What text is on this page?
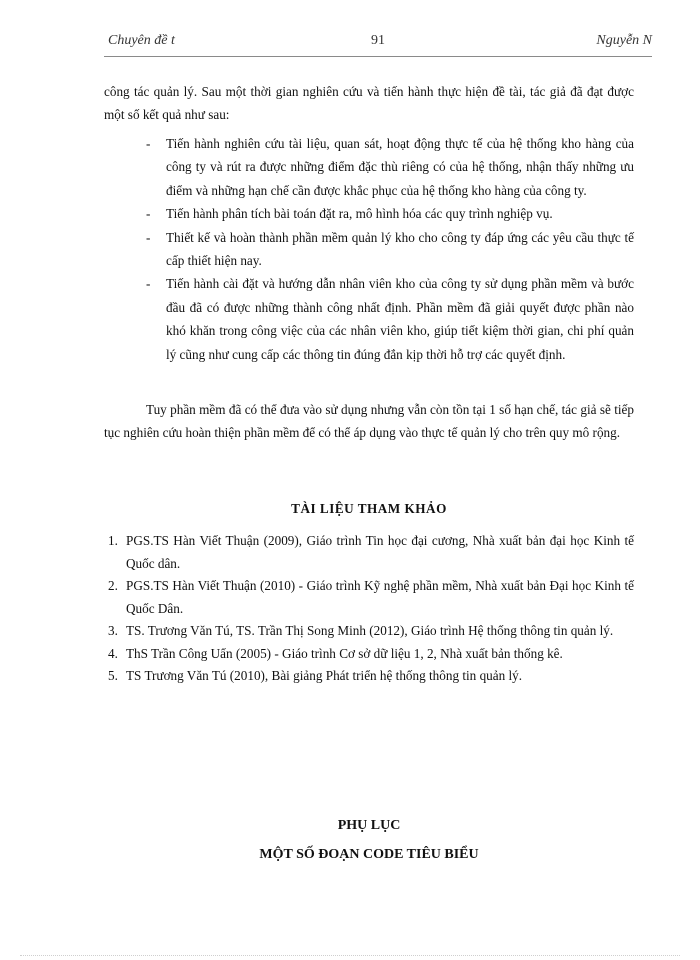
Chuyên đề t	91	Nguyễn N
công tác quản lý. Sau một thời gian nghiên cứu và tiến hành thực hiện đề tài, tác giả đã đạt được một số kết quả như sau:
- Tiến hành nghiên cứu tài liệu, quan sát, hoạt động thực tế của hệ thống kho hàng của công ty và rút ra được những điểm đặc thù riêng có của hệ thống, nhận thấy những ưu điểm và những hạn chế cần được khắc phục của hệ thống kho hàng của công ty.
- Tiến hành phân tích bài toán đặt ra, mô hình hóa các quy trình nghiệp vụ.
- Thiết kế và hoàn thành phần mềm quản lý kho cho công ty đáp ứng các yêu cầu thực tế cấp thiết hiện nay.
- Tiến hành cài đặt và hướng dẫn nhân viên kho của công ty sử dụng phần mềm và bước đầu đã có được những thành công nhất định. Phần mềm đã giải quyết được phần nào khó khăn trong công việc của các nhân viên kho, giúp tiết kiệm thời gian, chi phí quản lý cũng như cung cấp các thông tin đúng đắn kịp thời hỗ trợ các quyết định.
Tuy phần mềm đã có thể đưa vào sử dụng nhưng vẫn còn tồn tại 1 số hạn chế, tác giả sẽ tiếp tục nghiên cứu hoàn thiện phần mềm để có thể áp dụng vào thực tế quản lý cho trên quy mô rộng.
TÀI LIỆU THAM KHẢO
1. PGS.TS Hàn Viết Thuận (2009), Giáo trình Tin học đại cương, Nhà xuất bản đại học Kinh tế Quốc dân.
2. PGS.TS Hàn Viết Thuận (2010) - Giáo trình Kỹ nghệ phần mềm, Nhà xuất bản Đại học Kinh tế Quốc Dân.
3. TS. Trương Văn Tú, TS. Trần Thị Song Minh (2012), Giáo trình Hệ thống thông tin quản lý.
4. ThS Trần Công Uẩn (2005) - Giáo trình Cơ sở dữ liệu 1, 2, Nhà xuất bản thống kê.
5. TS Trương Văn Tú (2010), Bài giảng Phát triển hệ thống thông tin quản lý.
PHỤ LỤC
MỘT SỐ ĐOẠN CODE TIÊU BIỂU
